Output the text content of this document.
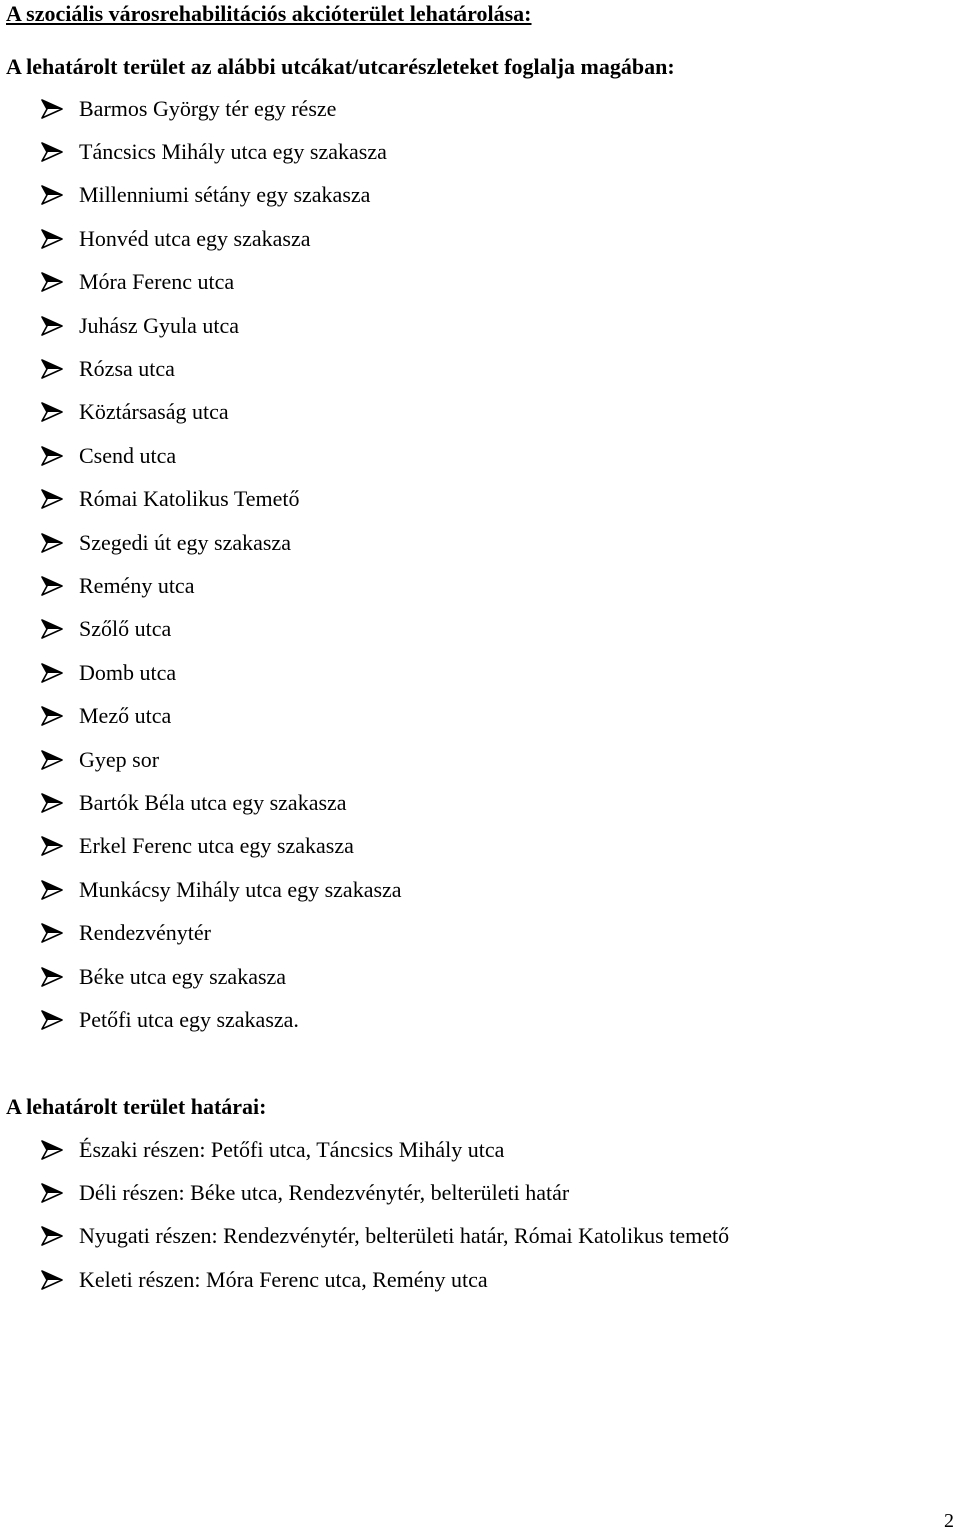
A szociális városrehabilitációs akcióterület lehatárolása:

A lehatárolt terület az alábbi utcákat/utcarészleteket foglalja magában:

Barmos György tér egy része
Táncsics Mihály utca egy szakasza
Millenniumi sétány egy szakasza
Honvéd utca egy szakasza
Móra Ferenc utca
Juhász Gyula utca
Rózsa utca
Köztársaság utca
Csend utca
Római Katolikus Temető
Szegedi út egy szakasza
Remény utca
Szőlő utca
Domb utca
Mező utca
Gyep sor
Bartók Béla utca egy szakasza
Erkel Ferenc utca egy szakasza
Munkácsy Mihály utca egy szakasza
Rendezvénytér
Béke utca egy szakasza
Petőfi utca egy szakasza.

A lehatárolt terület határai:

Északi részen: Petőfi utca, Táncsics Mihály utca
Déli részen: Béke utca, Rendezvénytér, belterületi határ
Nyugati részen: Rendezvénytér, belterületi határ, Római Katolikus temető
Keleti részen: Móra Ferenc utca, Remény utca
2
